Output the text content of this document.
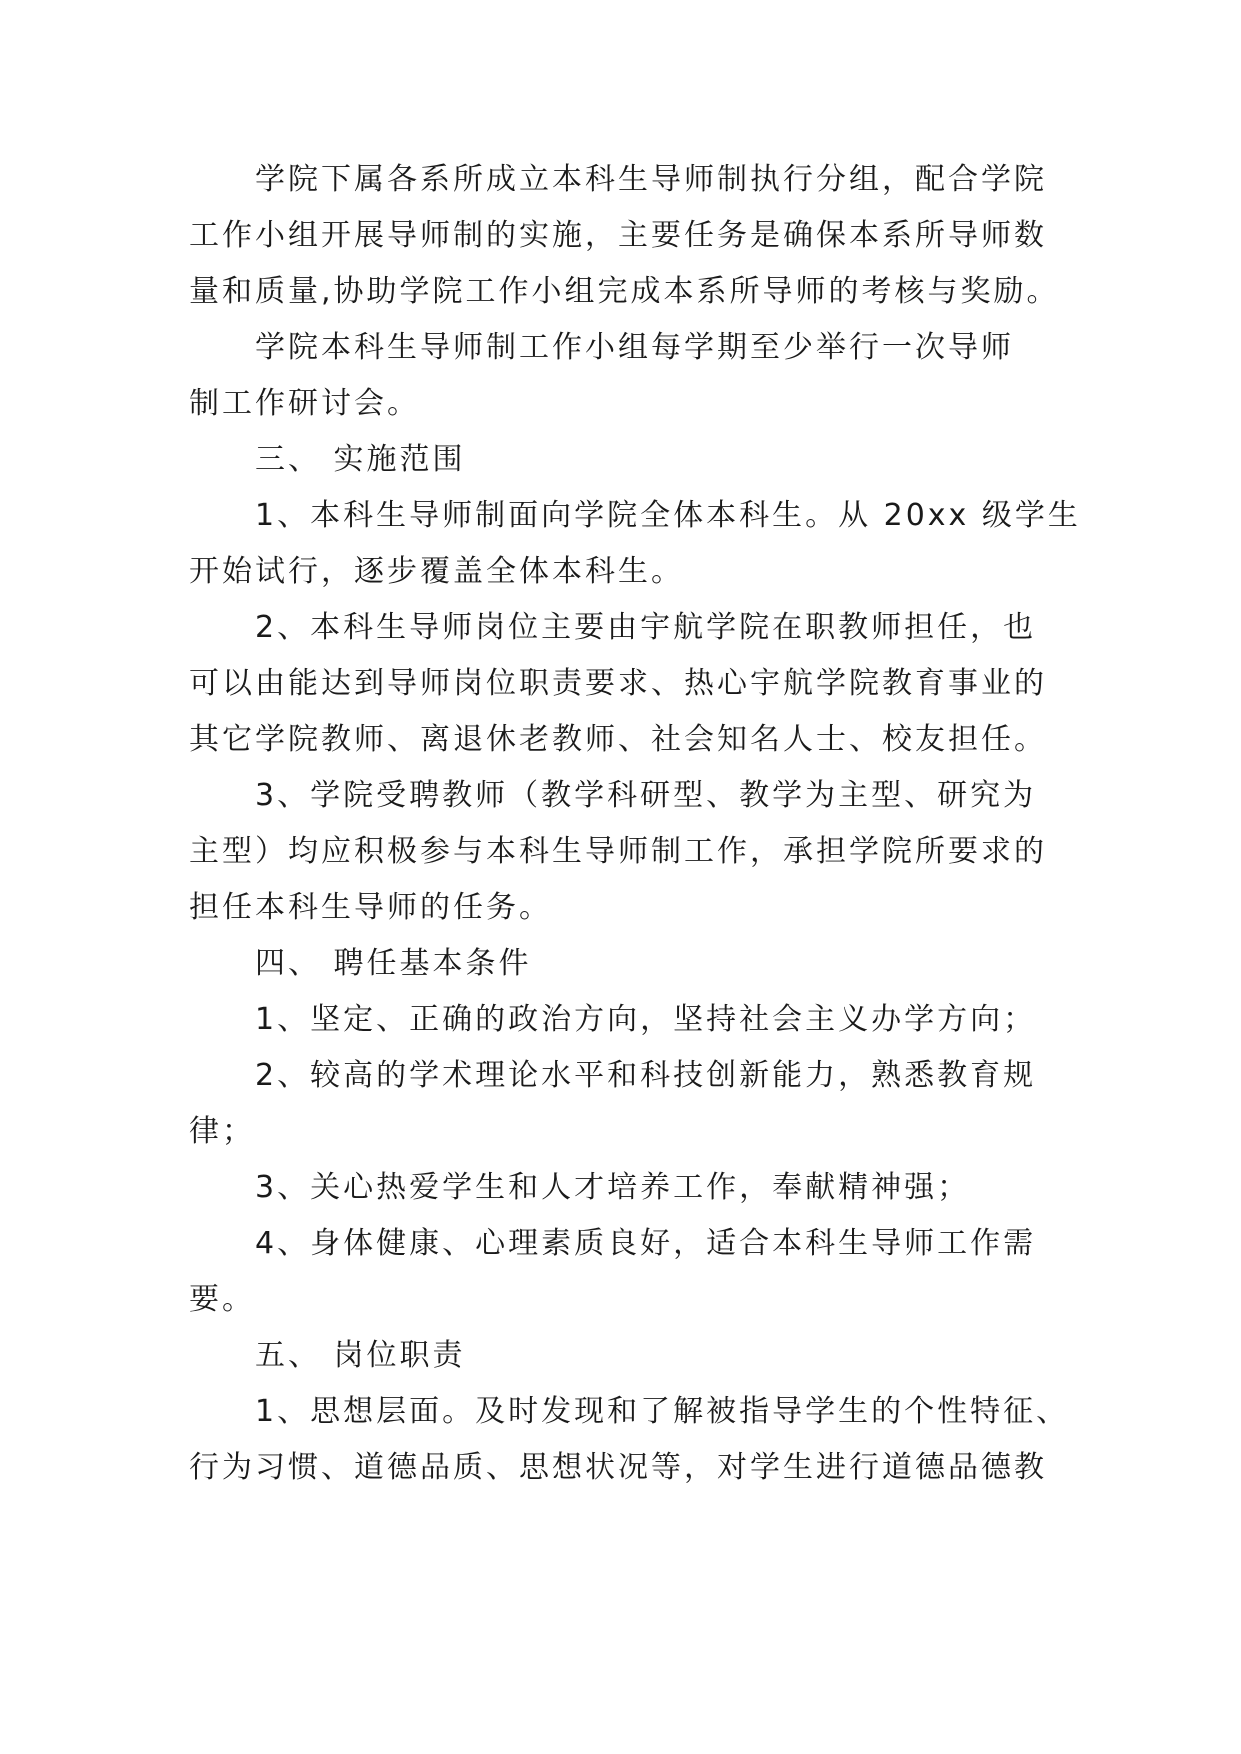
学院下属各系所成立本科生导师制执行分组，配合学院
工作小组开展导师制的实施，主要任务是确保本系所导师数
量和质量,协助学院工作小组完成本系所导师的考核与奖励。
学院本科生导师制工作小组每学期至少举行一次导师
制工作研讨会。
三、 实施范围
1、本科生导师制面向学院全体本科生。从 20xx 级学生
开始试行，逐步覆盖全体本科生。
2、本科生导师岗位主要由宇航学院在职教师担任，也
可以由能达到导师岗位职责要求、热心宇航学院教育事业的
其它学院教师、离退休老教师、社会知名人士、校友担任。
3、学院受聘教师（教学科研型、教学为主型、研究为
主型）均应积极参与本科生导师制工作，承担学院所要求的
担任本科生导师的任务。
四、 聘任基本条件
1、坚定、正确的政治方向，坚持社会主义办学方向；
2、较高的学术理论水平和科技创新能力，熟悉教育规
律；
3、关心热爱学生和人才培养工作，奉献精神强；
4、身体健康、心理素质良好，适合本科生导师工作需
要。
五、 岗位职责
1、思想层面。及时发现和了解被指导学生的个性特征、
行为习惯、道德品质、思想状况等，对学生进行道德品德教
